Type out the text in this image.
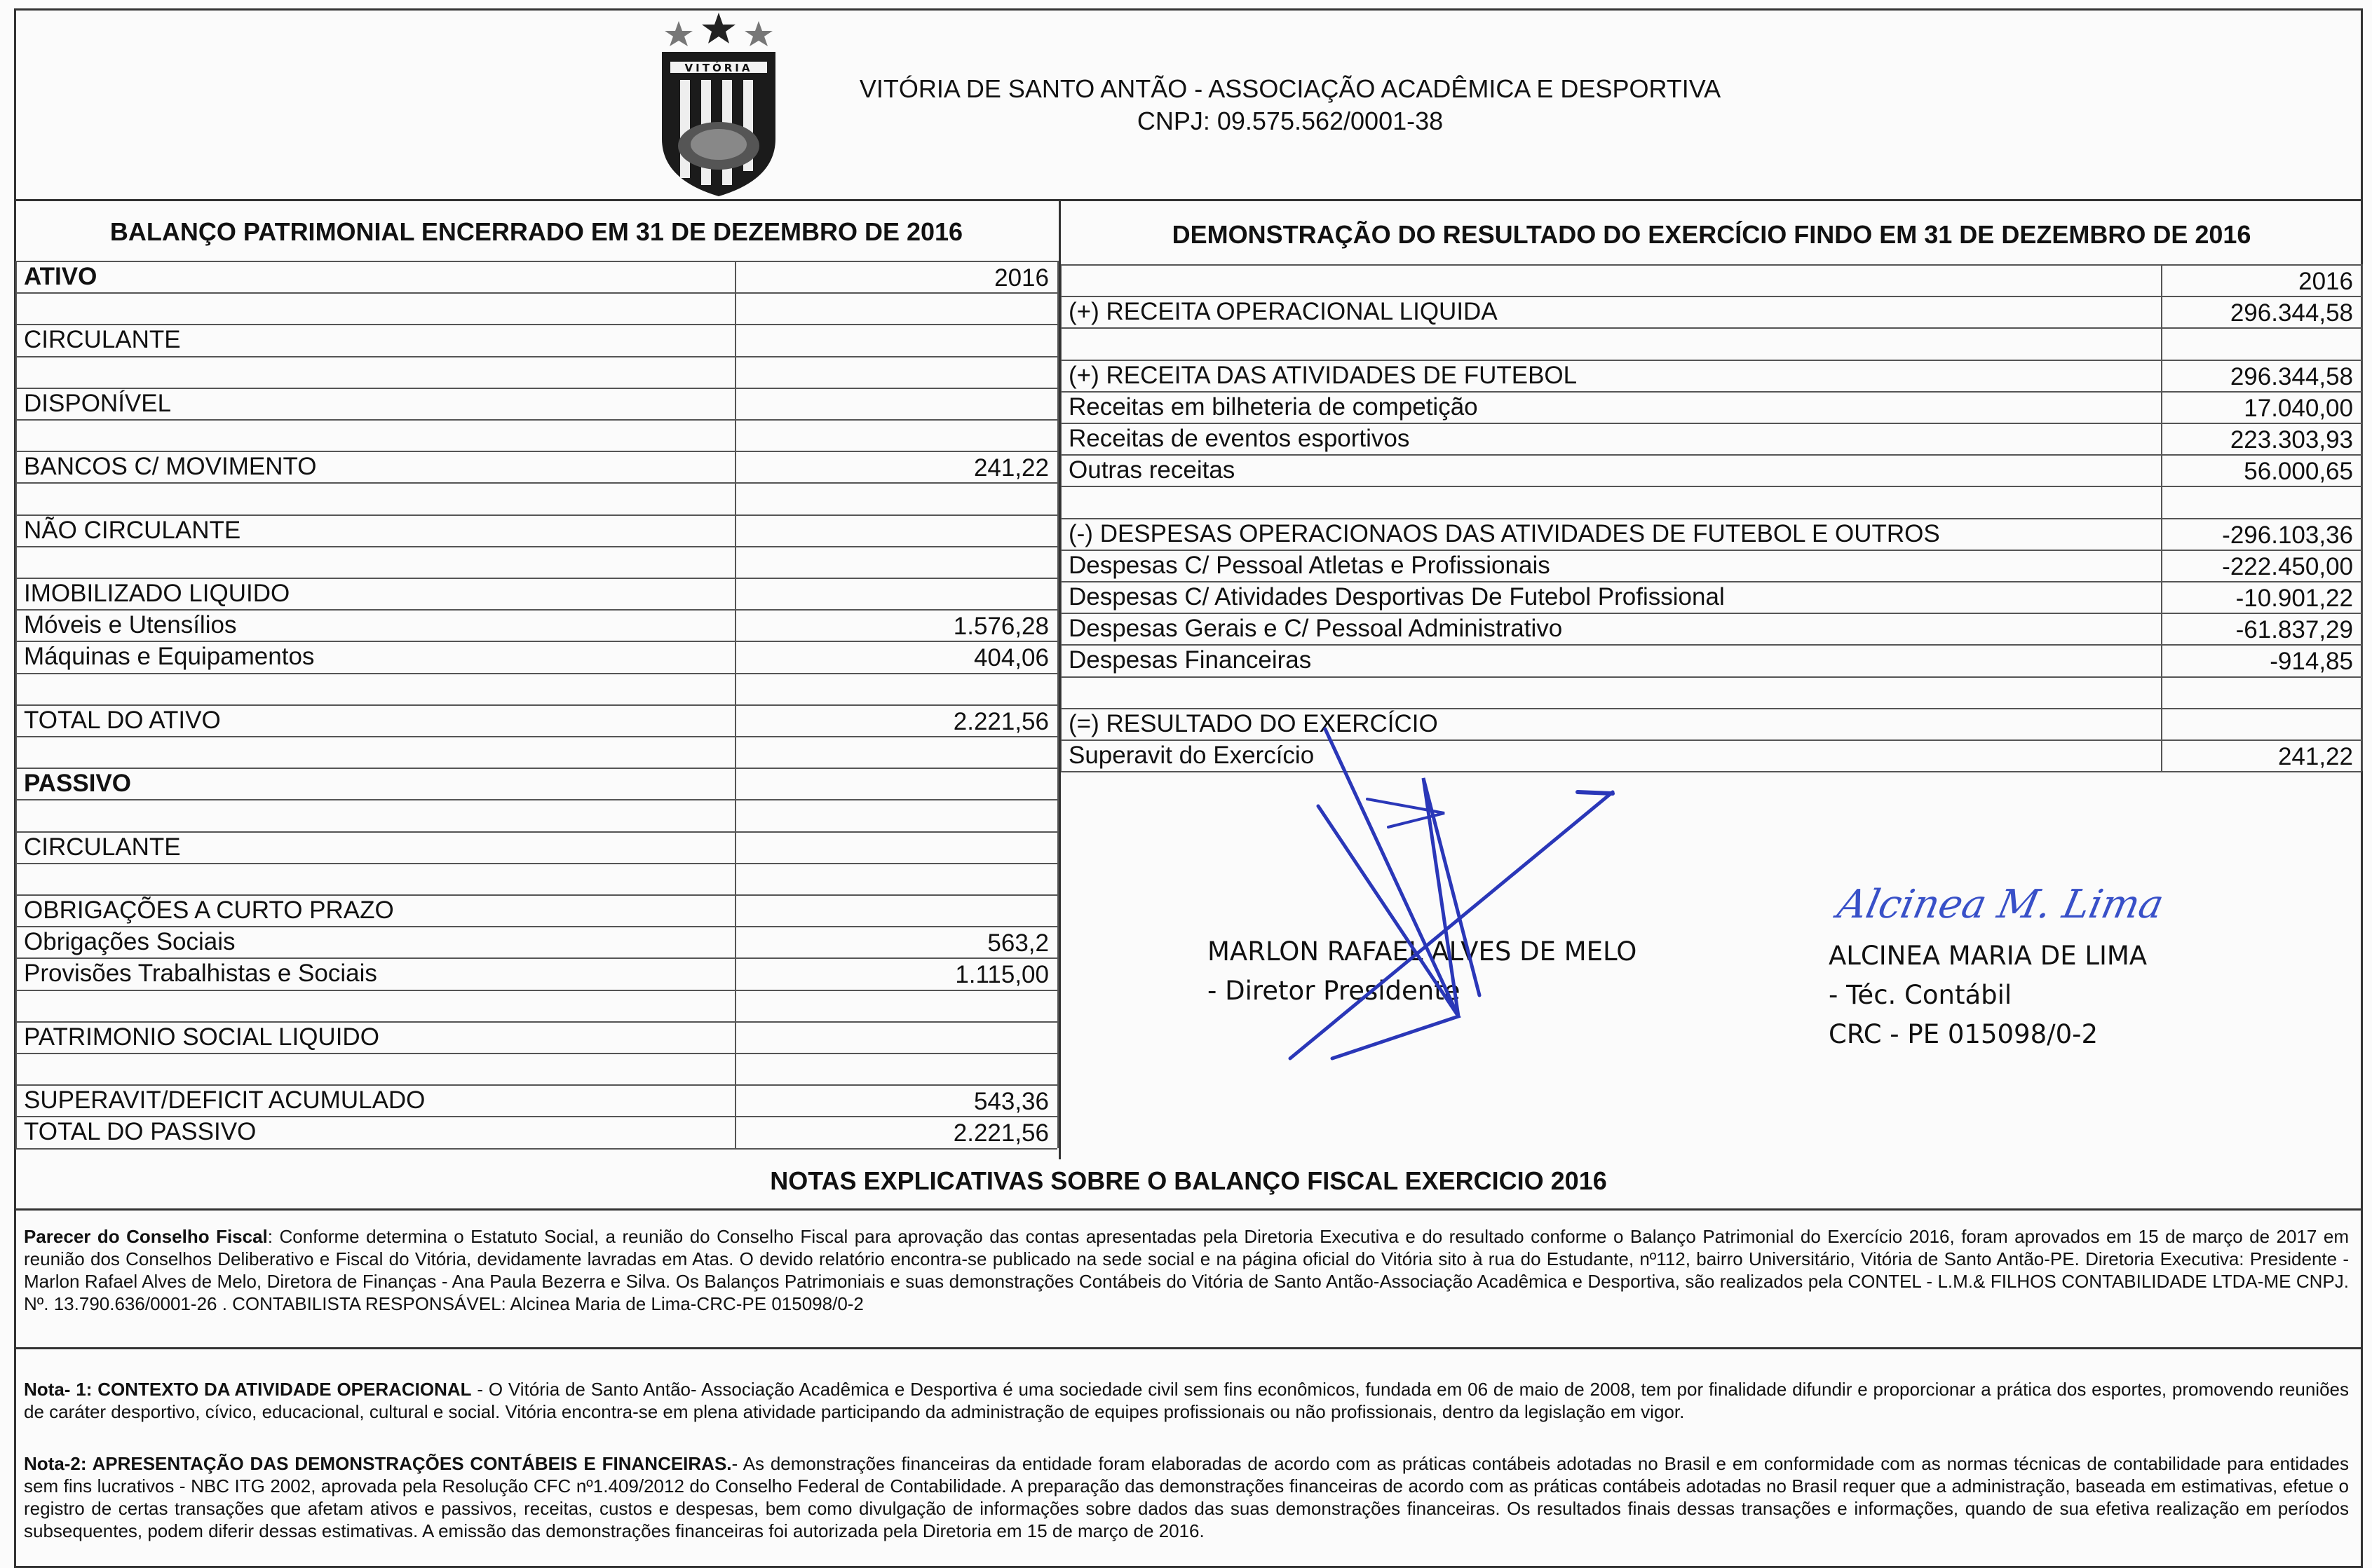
VITÓRIA
VITÓRIA DE SANTO ANTÃO - ASSOCIAÇÃO ACADÊMICA E DESPORTIVA
CNPJ: 09.575.562/0001-38
BALANÇO PATRIMONIAL ENCERRADO EM 31 DE DEZEMBRO DE 2016	DEMONSTRAÇÃO DO RESULTADO DO EXERCÍCIO FINDO EM 31 DE DEZEMBRO DE 2016
ATIVO	2016
CIRCULANTE
DISPONÍVEL
BANCOS C/ MOVIMENTO	241,22
NÃO CIRCULANTE
IMOBILIZADO LIQUIDO
Móveis e Utensílios	1.576,28
Máquinas e Equipamentos	404,06
TOTAL DO ATIVO	2.221,56
PASSIVO
CIRCULANTE
OBRIGAÇÕES A CURTO PRAZO
Obrigações Sociais	563,2
Provisões Trabalhistas e Sociais	1.115,00
PATRIMONIO SOCIAL LIQUIDO
SUPERAVIT/DEFICIT ACUMULADO	543,36
TOTAL DO PASSIVO	2.221,56
2016
(+) RECEITA OPERACIONAL LIQUIDA	296.344,58
(+) RECEITA DAS ATIVIDADES DE FUTEBOL	296.344,58
Receitas em bilheteria de competição	17.040,00
Receitas de eventos esportivos	223.303,93
Outras receitas	56.000,65
(-) DESPESAS OPERACIONAOS DAS ATIVIDADES DE FUTEBOL E OUTROS	-296.103,36
Despesas C/ Pessoal Atletas e Profissionais	-222.450,00
Despesas C/ Atividades Desportivas De Futebol Profissional	-10.901,22
Despesas Gerais e C/ Pessoal Administrativo	-61.837,29
Despesas Financeiras	-914,85
(=) RESULTADO DO EXERCÍCIO
Superavit do Exercício	241,22
MARLON RAFAEL ALVES DE MELO
- Diretor Presidente
Alcinea M. Lima
ALCINEA MARIA DE LIMA
- Téc. Contábil
CRC - PE 015098/0-2
NOTAS EXPLICATIVAS SOBRE O BALANÇO FISCAL EXERCICIO 2016
Parecer do Conselho Fiscal: Conforme determina o Estatuto Social, a reunião do Conselho Fiscal para aprovação das contas apresentadas pela Diretoria Executiva e do resultado conforme o Balanço Patrimonial do Exercício 2016, foram aprovados em 15 de março de 2017 em reunião dos Conselhos Deliberativo e Fiscal do Vitória, devidamente lavradas em Atas. O devido relatório encontra-se publicado na sede social e na página oficial do Vitória sito à rua do Estudante, nº112, bairro Universitário, Vitória de Santo Antão-PE. Diretoria Executiva: Presidente - Marlon Rafael Alves de Melo, Diretora de Finanças - Ana Paula Bezerra e Silva. Os Balanços Patrimoniais e suas demonstrações Contábeis do Vitória de Santo Antão-Associação Acadêmica e Desportiva, são realizados pela CONTEL - L.M.& FILHOS CONTABILIDADE LTDA-ME CNPJ. Nº. 13.790.636/0001-26 . CONTABILISTA RESPONSÁVEL: Alcinea Maria de Lima-CRC-PE 015098/0-2
Nota- 1: CONTEXTO DA ATIVIDADE OPERACIONAL - O Vitória de Santo Antão- Associação Acadêmica e Desportiva é uma sociedade civil sem fins econômicos, fundada em 06 de maio de 2008, tem por finalidade difundir e proporcionar a prática dos esportes, promovendo reuniões de caráter desportivo, cívico, educacional, cultural e social. Vitória encontra-se em plena atividade participando da administração de equipes profissionais ou não profissionais, dentro da legislação em vigor.
Nota-2: APRESENTAÇÃO DAS DEMONSTRAÇÕES CONTÁBEIS E FINANCEIRAS.- As demonstrações financeiras da entidade foram elaboradas de acordo com as práticas contábeis adotadas no Brasil e em conformidade com as normas técnicas de contabilidade para entidades sem fins lucrativos - NBC ITG 2002, aprovada pela Resolução CFC nº1.409/2012 do Conselho Federal de Contabilidade. A preparação das demonstrações financeiras de acordo com as práticas contábeis adotadas no Brasil requer que a administração, baseada em estimativas, efetue o registro de certas transações que afetam ativos e passivos, receitas, custos e despesas, bem como divulgação de informações sobre dados das suas demonstrações financeiras. Os resultados finais dessas transações e informações, quando de sua efetiva realização em períodos subsequentes, podem diferir dessas estimativas. A emissão das demonstrações financeiras foi autorizada pela Diretoria em 15 de março de 2016.
